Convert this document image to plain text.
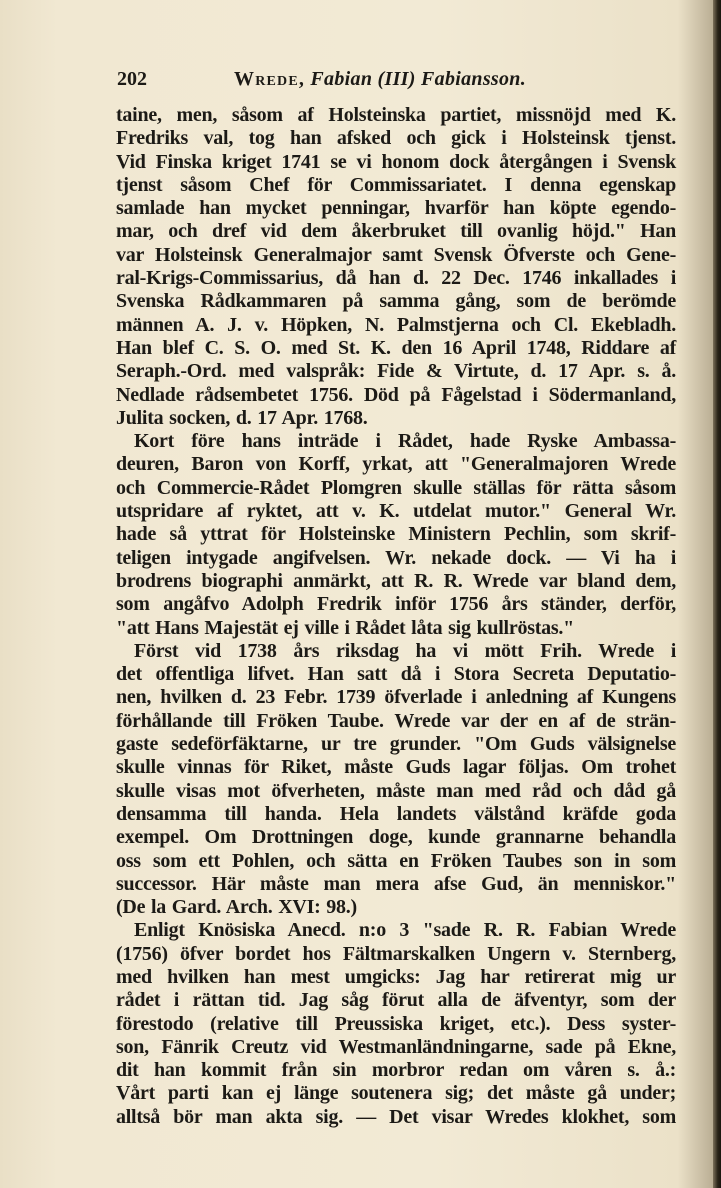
202	Wrede, Fabian (III) Fabiansson.
taine, men, såsom af Holsteinska partiet, missnöjd med K.
Fredriks val, tog han afsked och gick i Holsteinsk tjenst.
Vid Finska kriget 1741 se vi honom dock återgången i Svensk
tjenst såsom Chef för Commissariatet. I denna egenskap
samlade han mycket penningar, hvarför han köpte egendo-
mar, och dref vid dem åkerbruket till ovanlig höjd." Han
var Holsteinsk Generalmajor samt Svensk Öfverste och Gene-
ral-Krigs-Commissarius, då han d. 22 Dec. 1746 inkallades i
Svenska Rådkammaren på samma gång, som de berömde
männen A. J. v. Höpken, N. Palmstjerna och Cl. Ekebladh.
Han blef C. S. O. med St. K. den 16 April 1748, Riddare af
Seraph.-Ord. med valspråk: Fide & Virtute, d. 17 Apr. s. å.
Nedlade rådsembetet 1756. Död på Fågelstad i Södermanland,
Julita socken, d. 17 Apr. 1768.
Kort före hans inträde i Rådet, hade Ryske Ambassa-
deuren, Baron von Korff, yrkat, att "Generalmajoren Wrede
och Commercie-Rådet Plomgren skulle ställas för rätta såsom
utspridare af ryktet, att v. K. utdelat mutor." General Wr.
hade så yttrat för Holsteinske Ministern Pechlin, som skrif-
teligen intygade angifvelsen. Wr. nekade dock. — Vi ha i
brodrens biographi anmärkt, att R. R. Wrede var bland dem,
som angåfvo Adolph Fredrik inför 1756 års ständer, derför,
"att Hans Majestät ej ville i Rådet låta sig kullröstas."
Först vid 1738 års riksdag ha vi mött Frih. Wrede i
det offentliga lifvet. Han satt då i Stora Secreta Deputatio-
nen, hvilken d. 23 Febr. 1739 öfverlade i anledning af Kungens
förhållande till Fröken Taube. Wrede var der en af de strän-
gaste sedeförfäktarne, ur tre grunder. "Om Guds välsignelse
skulle vinnas för Riket, måste Guds lagar följas. Om trohet
skulle visas mot öfverheten, måste man med råd och dåd gå
densamma till handa. Hela landets välstånd kräfde goda
exempel. Om Drottningen doge, kunde grannarne behandla
oss som ett Pohlen, och sätta en Fröken Taubes son in som
successor. Här måste man mera afse Gud, än menniskor."
(De la Gard. Arch. XVI: 98.)
Enligt Knösiska Anecd. n:o 3 "sade R. R. Fabian Wrede
(1756) öfver bordet hos Fältmarskalken Ungern v. Sternberg,
med hvilken han mest umgicks: Jag har retirerat mig ur
rådet i rättan tid. Jag såg förut alla de äfventyr, som der
förestodo (relative till Preussiska kriget, etc.). Dess syster-
son, Fänrik Creutz vid Westmanländningarne, sade på Ekne,
dit han kommit från sin morbror redan om våren s. å.:
Vårt parti kan ej länge soutenera sig; det måste gå under;
alltså bör man akta sig. — Det visar Wredes klokhet, som
